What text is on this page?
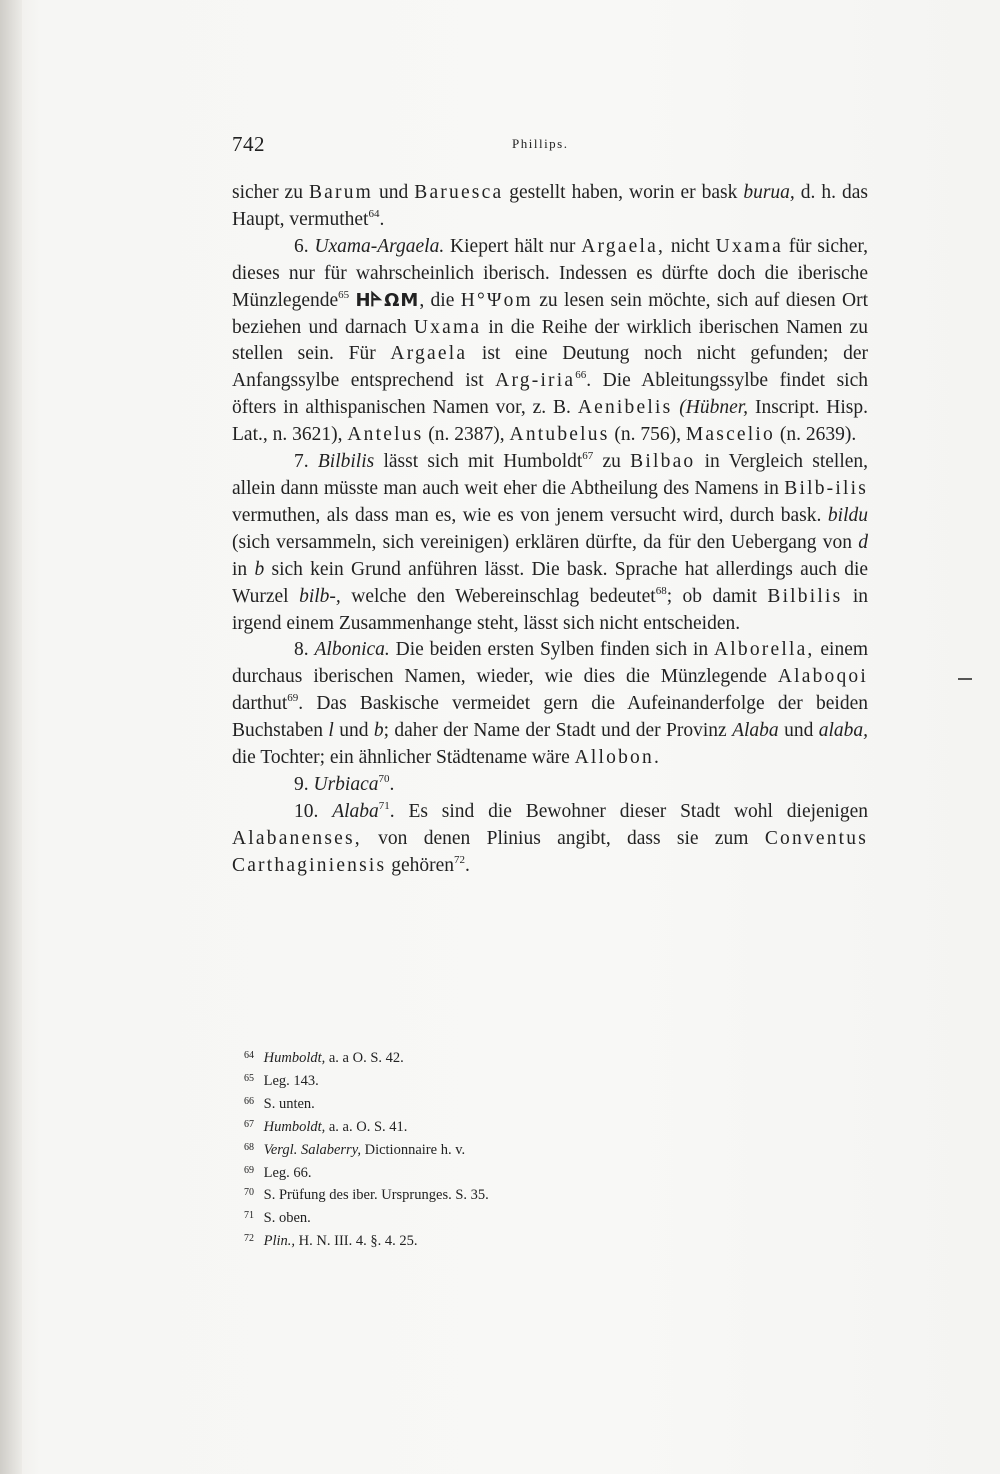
742	Phillips.

sicher zu Barum und Baruesca gestellt haben, worin er bask burua, d. h. das Haupt, vermuthet$^{64}$.

6. Uxama-Argaela. Kiepert hält nur Argaela, nicht Uxama für sicher, dieses nur für wahrscheinlich iberisch. Indessen es dürfte doch die iberische Münzlegende$^{65}$ H𐊀ΩM, die H°Ψom zu lesen sein möchte, sich auf diesen Ort beziehen und darnach Uxama in die Reihe der wirklich iberischen Namen zu stellen sein. Für Argaela ist eine Deutung noch nicht gefunden; der Anfangssylbe entsprechend ist Arg-iria$^{66}$. Die Ableitungssylbe findet sich öfters in althispanischen Namen vor, z. B. Aenibelis (Hübner, Inscript. Hisp. Lat., n. 3621), Antelus (n. 2387), Antubelus (n. 756), Mascelio (n. 2639).

7. Bilbilis lässt sich mit Humboldt$^{67}$ zu Bilbao in Vergleich stellen, allein dann müsste man auch weit eher die Abtheilung des Namens in Bilb-ilis vermuthen, als dass man es, wie es von jenem versucht wird, durch bask. bildu (sich versammeln, sich vereinigen) erklären dürfte, da für den Uebergang von d in b sich kein Grund anführen lässt. Die bask. Sprache hat allerdings auch die Wurzel bilb-, welche den Webereinschlag bedeutet$^{68}$; ob damit Bilbilis in irgend einem Zusammenhange steht, lässt sich nicht entscheiden.

8. Albonica. Die beiden ersten Sylben finden sich in Alborella, einem durchaus iberischen Namen, wieder, wie dies die Münzlegende Alaboqoi darthut$^{69}$. Das Baskische vermeidet gern die Aufeinanderfolge der beiden Buchstaben l und b; daher der Name der Stadt und der Provinz Alaba und alaba, die Tochter; ein ähnlicher Städtename wäre Allobon.

9. Urbiaca$^{70}$.

10. Alaba$^{71}$. Es sind die Bewohner dieser Stadt wohl diejenigen Alabanenses, von denen Plinius angibt, dass sie zum Conventus Carthaginiensis gehören$^{72}$.

64 Humboldt, a. a O. S. 42.
65 Leg. 143.
66 S. unten.
67 Humboldt, a. a. O. S. 41.
68 Vergl. Salaberry, Dictionnaire h. v.
69 Leg. 66.
70 S. Prüfung des iber. Ursprunges. S. 35.
71 S. oben.
72 Plin., H. N. III. 4. §. 4. 25.
